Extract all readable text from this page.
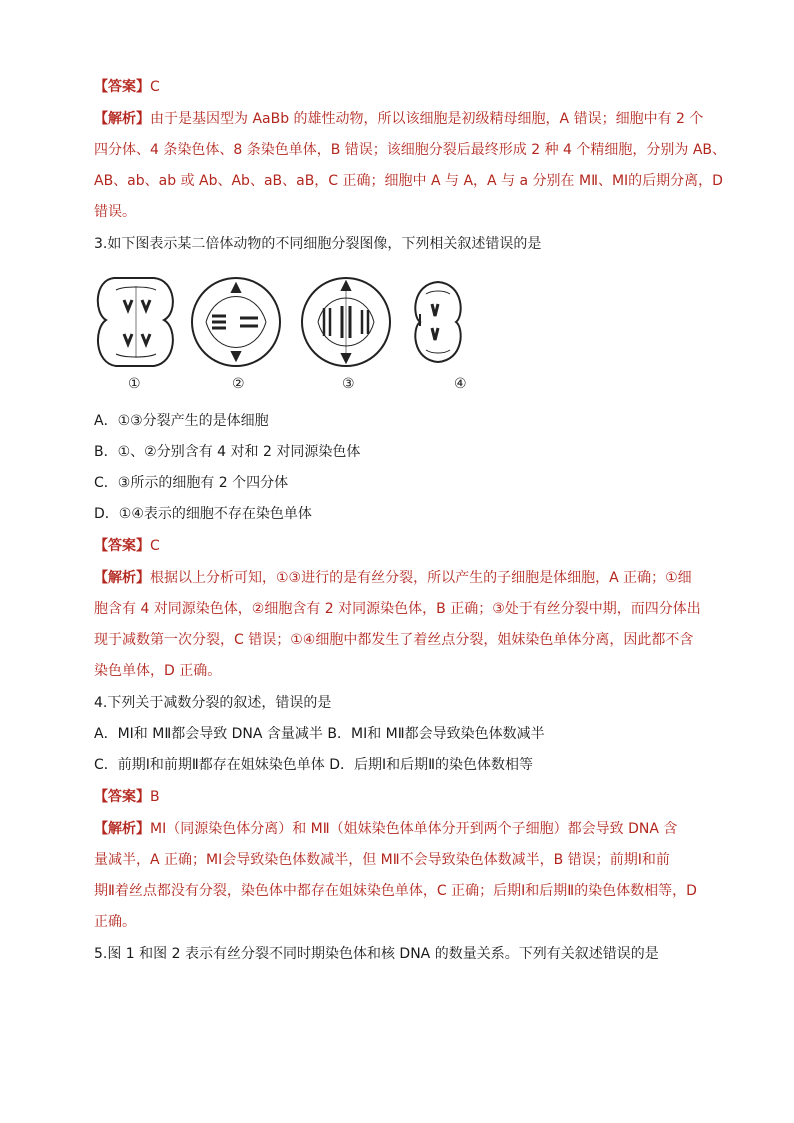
【答案】C
【解析】由于是基因型为 AaBb 的雄性动物，所以该细胞是初级精母细胞，A 错误；细胞中有 2 个
四分体、4 条染色体、8 条染色单体，B 错误；该细胞分裂后最终形成 2 种 4 个精细胞，分别为 AB、
AB、ab、ab 或 Ab、Ab、aB、aB，C 正确；细胞中 A 与 A，A 与 a 分别在 MⅡ、MⅠ的后期分离，D
错误。
3.如下图表示某二倍体动物的不同细胞分裂图像，下列相关叙述错误的是
①	②	③	④
A．①③分裂产生的是体细胞
B．①、②分别含有 4 对和 2 对同源染色体
C．③所示的细胞有 2 个四分体
D．①④表示的细胞不存在染色单体
【答案】C
【解析】根据以上分析可知，①③进行的是有丝分裂，所以产生的子细胞是体细胞，A 正确；①细
胞含有 4 对同源染色体，②细胞含有 2 对同源染色体，B 正确；③处于有丝分裂中期，而四分体出
现于减数第一次分裂，C 错误；①④细胞中都发生了着丝点分裂，姐妹染色单体分离，因此都不含
染色单体，D 正确。
4.下列关于减数分裂的叙述，错误的是
A．MⅠ和 MⅡ都会导致 DNA 含量减半 B．MⅠ和 MⅡ都会导致染色体数减半
C．前期Ⅰ和前期Ⅱ都存在姐妹染色单体 D．后期Ⅰ和后期Ⅱ的染色体数相等
【答案】B
【解析】MⅠ（同源染色体分离）和 MⅡ（姐妹染色体单体分开到两个子细胞）都会导致 DNA 含
量减半，A 正确；MⅠ会导致染色体数减半，但 MⅡ不会导致染色体数减半，B 错误；前期Ⅰ和前
期Ⅱ着丝点都没有分裂，染色体中都存在姐妹染色单体，C 正确；后期Ⅰ和后期Ⅱ的染色体数相等，D
正确。
5.图 1 和图 2 表示有丝分裂不同时期染色体和核 DNA 的数量关系。下列有关叙述错误的是
